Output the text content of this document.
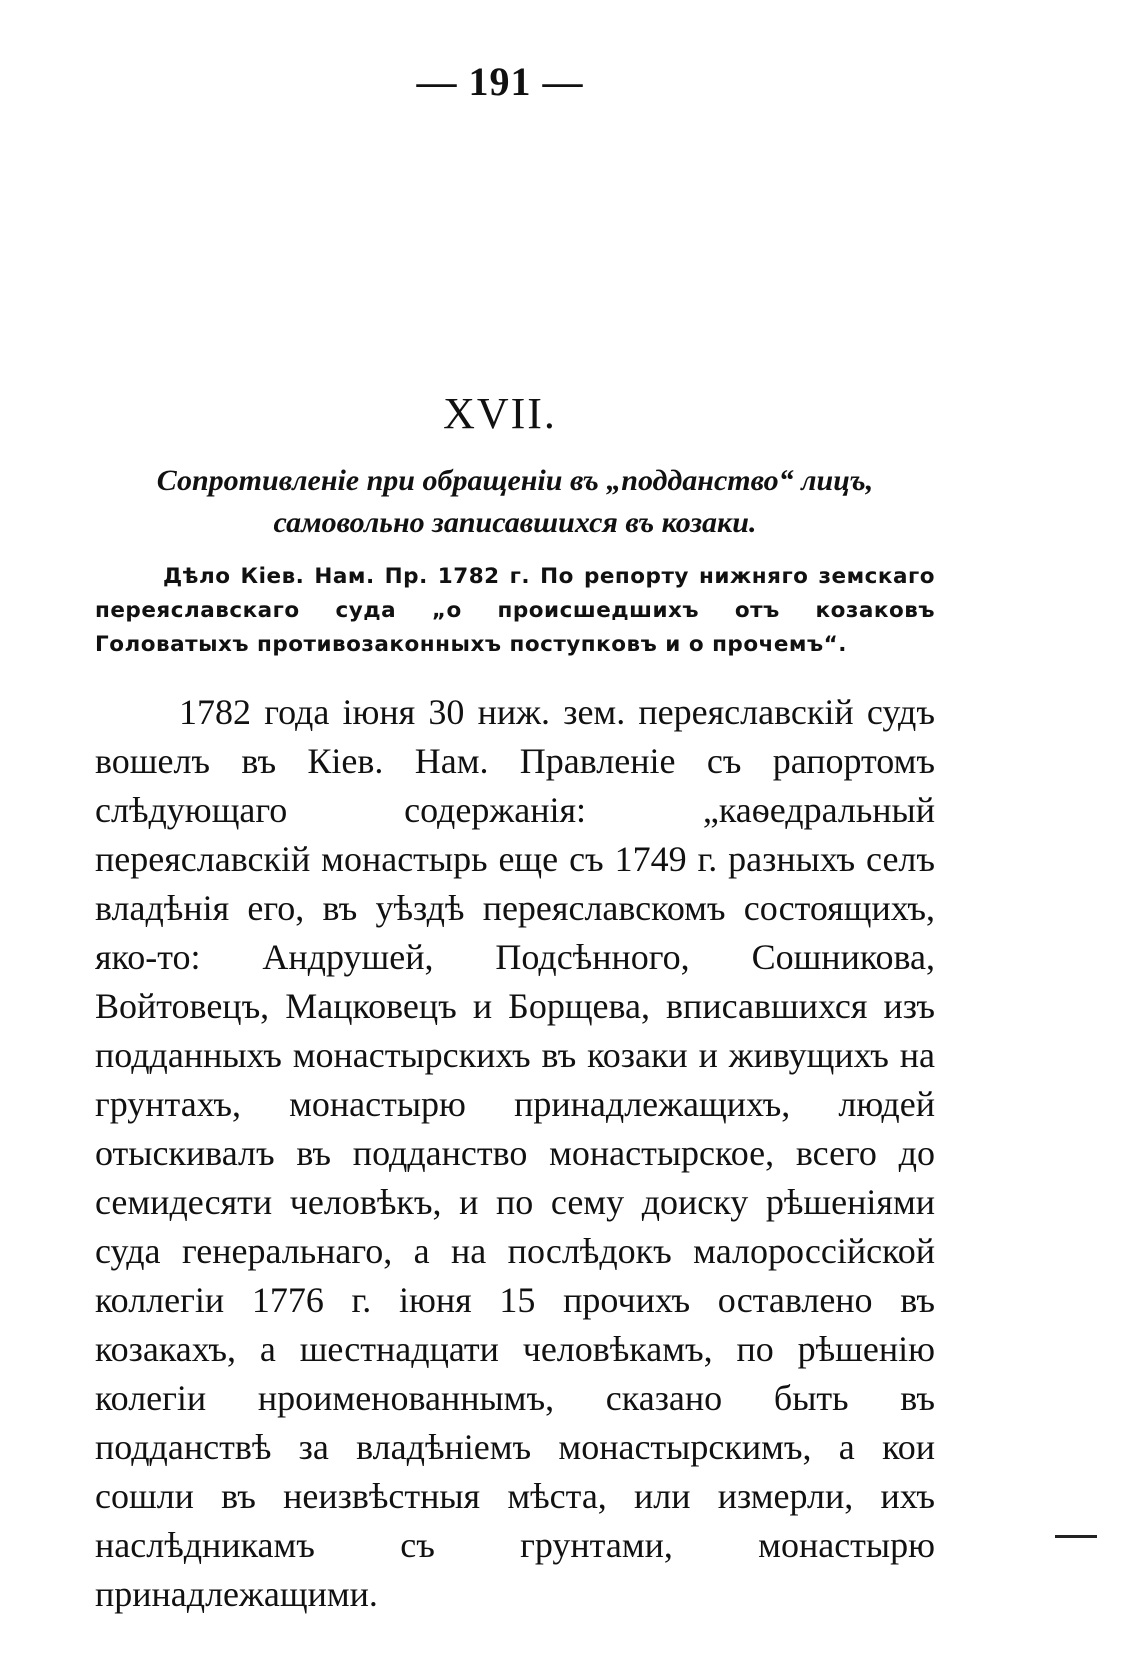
— 191 —
XVII.
Сопротивленіе при обращеніи въ „подданство“ лицъ, самовольно записавшихся въ козаки.
Дѣло Кіев. Нам. Пр. 1782 г. По репорту нижняго земскаго переяславскаго суда „о происшедшихъ отъ козаковъ Головатыхъ противозаконныхъ поступковъ и о прочемъ“.
1782 года іюня 30 ниж. зем. переяславскій судъ вошелъ въ Кіев. Нам. Правленіе съ рапортомъ слѣдующаго содержанія: „каѳедральный переяславскій монастырь еще съ 1749 г. разныхъ селъ владѣнія его, въ уѣздѣ переяславскомъ состоящихъ, яко-то: Андрушей, Подсѣнного, Сошникова, Войтовецъ, Мацковецъ и Борщева, вписавшихся изъ подданныхъ монастырскихъ въ козаки и живущихъ на грунтахъ, монастырю принадлежащихъ, людей отыскивалъ въ подданство монастырское, всего до семидесяти человѣкъ, и по сему доиску рѣшеніями суда генеральнаго, а на послѣдокъ малороссійской коллегіи 1776 г. іюня 15 прочихъ оставлено въ козакахъ, а шестнадцати человѣкамъ, по рѣшенію колегіи нроименованнымъ, сказано быть въ подданствѣ за владѣніемъ монастырскимъ, а кои сошли въ неизвѣстныя мѣста, или измерли, ихъ наслѣдникамъ съ грунтами, монастырю принадлежащими.
